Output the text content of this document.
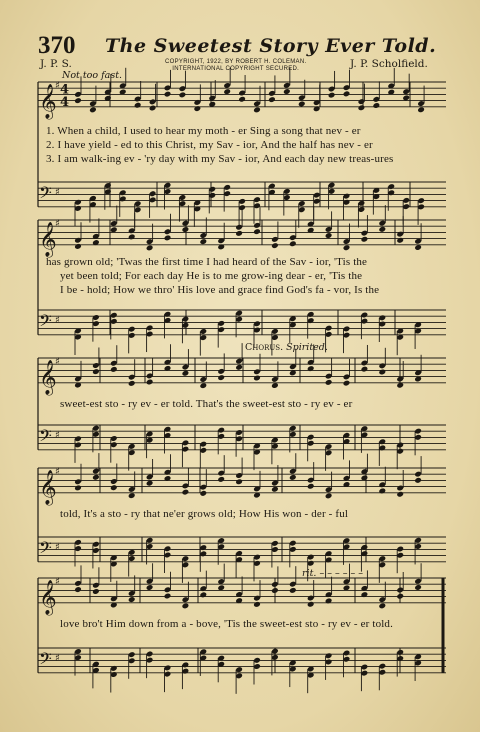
370 The Sweetest Story Ever Told.
J. P. S.	COPYRIGHT, 1922, BY ROBERT H. COLEMAN.
INTERNATIONAL COPYRIGHT SECURED.	J. P. Scholfield.
Not too fast.
𝄞
♯
𝄢 ♯
𝄞
♯
𝄢 ♯
𝄞
♯
𝄢 ♯
𝄞
♯
𝄢 ♯
𝄞
♯
𝄢 ♯
4
4
1. When a child, I used to hear my moth - er Sing a song that nev - er
2. I have yield - ed to this Christ, my Sav - ior, And the half has nev - er
3. I am walk-ing ev - 'ry day with my Sav - ior, And each day new treas-ures
has grown old; 'Twas the first time I had heard of the Sav - ior, 'Tis the
yet been told; For each day He is to me grow-ing dear - er, 'Tis the
I be - hold; How we thro' His love and grace find God's fa - vor, Is the
Chorus. Spirited.
sweet-est sto - ry ev - er told. That's the sweet-est sto - ry ev - er
told, It's a sto - ry that ne'er grows old; How His won - der - ful
rit. – – – – – –
love bro't Him down from a - bove, 'Tis the sweet-est sto - ry ev - er told.
